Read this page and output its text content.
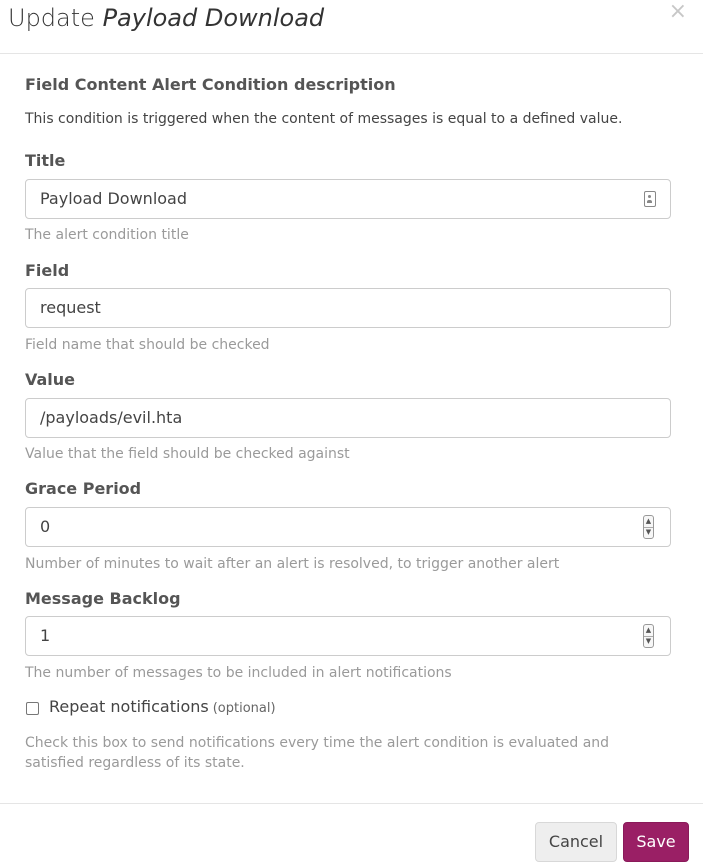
Update Payload Download	×
Field Content Alert Condition description
This condition is triggered when the content of messages is equal to a defined value.
Title
Payload Download
The alert condition title
Field
request
Field name that should be checked
Value
/payloads/evil.hta
Value that the field should be checked against
Grace Period
0	▲
▼
Number of minutes to wait after an alert is resolved, to trigger another alert
Message Backlog
1	▲
▼
The number of messages to be included in alert notifications
Repeat notifications (optional)
Check this box to send notifications every time the alert condition is evaluated and satisfied regardless of its state.
Cancel	Save
